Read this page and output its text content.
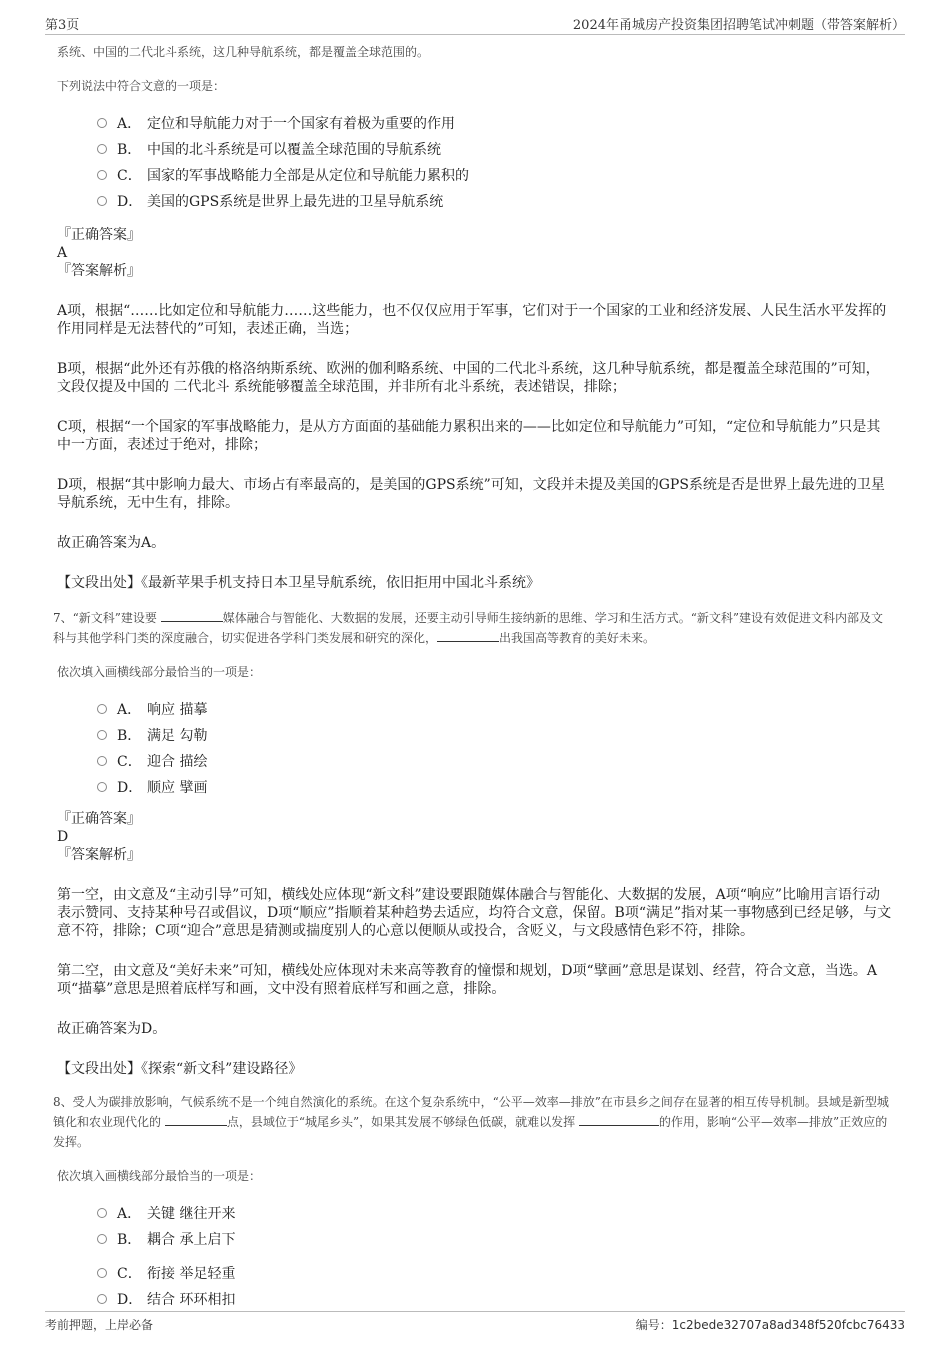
第3页	2024年甬城房产投资集团招聘笔试冲刺题（带答案解析）
系统、中国的二代北斗系统，这几种导航系统，都是覆盖全球范围的。
下列说法中符合文意的一项是：
A． 定位和导航能力对于一个国家有着极为重要的作用
B． 中国的北斗系统是可以覆盖全球范围的导航系统
C． 国家的军事战略能力全部是从定位和导航能力累积的
D． 美国的GPS系统是世界上最先进的卫星导航系统
『正确答案』
A
『答案解析』
A项，根据“……比如定位和导航能力……这些能力，也不仅仅应用于军事，它们对于一个国家的工业和经济发展、人民生活水平发挥的作用同样是无法替代的”可知，表述正确，当选；
B项，根据“此外还有苏俄的格洛纳斯系统、欧洲的伽利略系统、中国的二代北斗系统，这几种导航系统，都是覆盖全球范围的”可知，文段仅提及中国的 二代北斗 系统能够覆盖全球范围，并非所有北斗系统，表述错误，排除；
C项，根据“一个国家的军事战略能力，是从方方面面的基础能力累积出来的——比如定位和导航能力”可知，“定位和导航能力”只是其中一方面，表述过于绝对，排除；
D项，根据“其中影响力最大、市场占有率最高的，是美国的GPS系统”可知，文段并未提及美国的GPS系统是否是世界上最先进的卫星导航系统，无中生有，排除。
故正确答案为A。
【文段出处】《最新苹果手机支持日本卫星导航系统，依旧拒用中国北斗系统》
7、“新文科”建设要	媒体融合与智能化、大数据的发展，还要主动引导师生接纳新的思维、学习和生活方式。“新文科”建设有效促进文科内部及文科与其他学科门类的深度融合，切实促进各学科门类发展和研究的深化，	出我国高等教育的美好未来。
依次填入画横线部分最恰当的一项是：
A． 响应 描摹
B． 满足 勾勒
C． 迎合 描绘
D． 顺应 擘画
『正确答案』
D
『答案解析』
第一空，由文意及“主动引导”可知，横线处应体现“新文科”建设要跟随媒体融合与智能化、大数据的发展，A项“响应”比喻用言语行动表示赞同、支持某种号召或倡议，D项“顺应”指顺着某种趋势去适应，均符合文意，保留。B项“满足”指对某一事物感到已经足够，与文意不符，排除；C项“迎合”意思是猜测或揣度别人的心意以便顺从或投合，含贬义，与文段感情色彩不符，排除。
第二空，由文意及“美好未来”可知，横线处应体现对未来高等教育的憧憬和规划，D项“擘画”意思是谋划、经营，符合文意，当选。A项“描摹”意思是照着底样写和画，文中没有照着底样写和画之意，排除。
故正确答案为D。
【文段出处】《探索“新文科”建设路径》
8、受人为碳排放影响，气候系统不是一个纯自然演化的系统。在这个复杂系统中，“公平—效率—排放”在市县乡之间存在显著的相互传导机制。县域是新型城镇化和农业现代化的	点，县域位于“城尾乡头”，如果其发展不够绿色低碳，就难以发挥	的作用，影响“公平—效率—排放”正效应的发挥。
依次填入画横线部分最恰当的一项是：
A． 关键 继往开来
B． 耦合 承上启下
C． 衔接 举足轻重
D． 结合 环环相扣
考前押题，上岸必备	编号：1c2bede32707a8ad348f520fcbc76433
